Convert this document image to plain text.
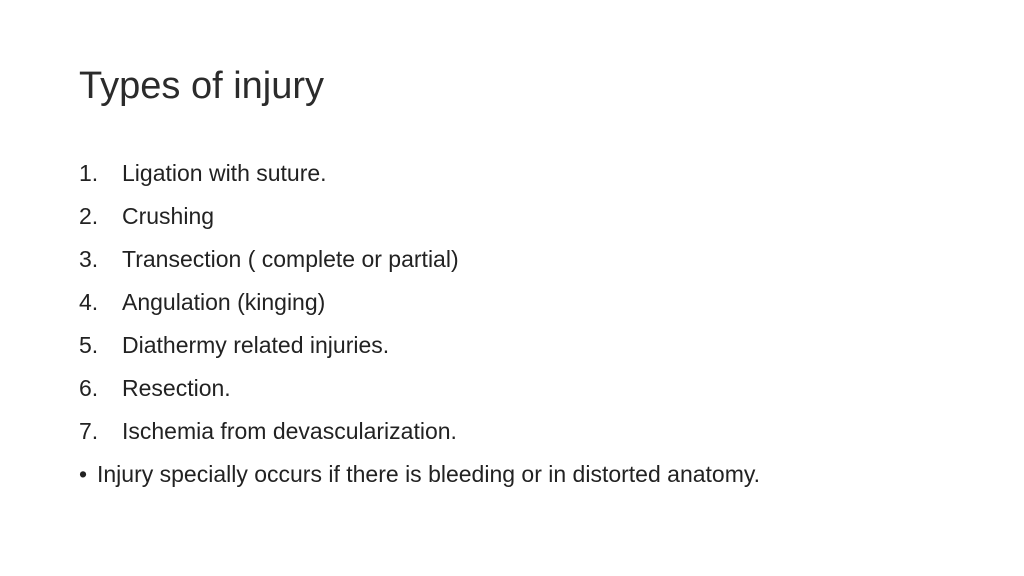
Types of injury
1.	Ligation with suture.
2.	Crushing
3.	Transection ( complete or partial)
4.	Angulation (kinging)
5.	Diathermy related injuries.
6.	Resection.
7.	Ischemia from devascularization.
• Injury specially occurs if there is bleeding or in distorted anatomy.
